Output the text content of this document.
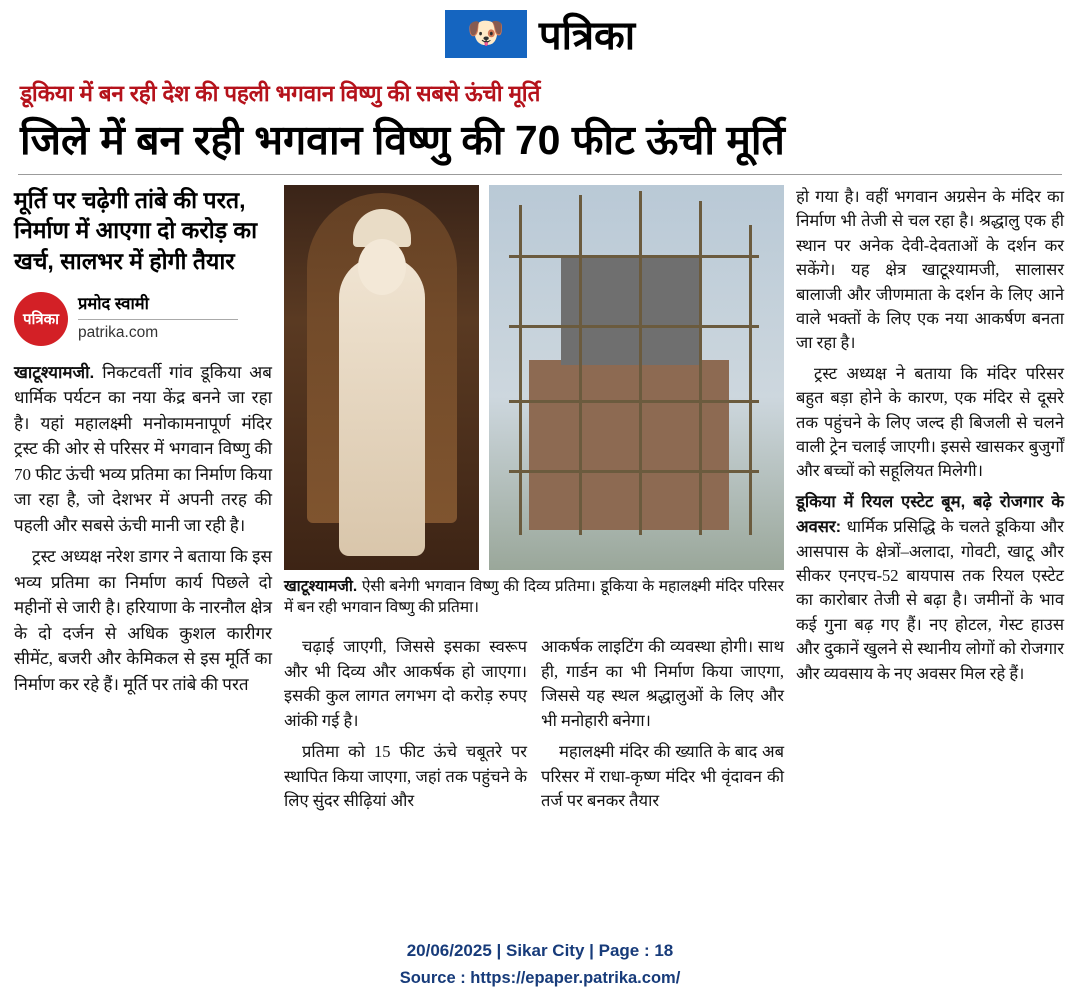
🐶 पत्रिका
डूकिया में बन रही देश की पहली भगवान विष्णु की सबसे ऊंची मूर्ति
जिले में बन रही भगवान विष्णु की 70 फीट ऊंची मूर्ति
मूर्ति पर चढ़ेगी तांबे की परत, निर्माण में आएगा दो करोड़ का खर्च, सालभर में होगी तैयार
पत्रिका
प्रमोद स्वामी
patrika.com
खाटूश्यामजी. निकटवर्ती गांव डूकिया अब धार्मिक पर्यटन का नया केंद्र बनने जा रहा है। यहां महालक्ष्मी मनोकामनापूर्ण मंदिर ट्रस्ट की ओर से परिसर में भगवान विष्णु की 70 फीट ऊंची भव्य प्रतिमा का निर्माण किया जा रहा है, जो देशभर में अपनी तरह की पहली और सबसे ऊंची मानी जा रही है।
ट्रस्ट अध्यक्ष नरेश डागर ने बताया कि इस भव्य प्रतिमा का निर्माण कार्य पिछले दो महीनों से जारी है। हरियाणा के नारनौल क्षेत्र के दो दर्जन से अधिक कुशल कारीगर सीमेंट, बजरी और केमिकल से इस मूर्ति का निर्माण कर रहे हैं। मूर्ति पर तांबे की परत
खाटूश्यामजी. ऐसी बनेगी भगवान विष्णु की दिव्य प्रतिमा। डूकिया के महालक्ष्मी मंदिर परिसर में बन रही भगवान विष्णु की प्रतिमा।
चढ़ाई जाएगी, जिससे इसका स्वरूप और भी दिव्य और आकर्षक हो जाएगा। इसकी कुल लागत लगभग दो करोड़ रुपए आंकी गई है।
प्रतिमा को 15 फीट ऊंचे चबूतरे पर स्थापित किया जाएगा, जहां तक पहुंचने के लिए सुंदर सीढ़ियां और
आकर्षक लाइटिंग की व्यवस्था होगी। साथ ही, गार्डन का भी निर्माण किया जाएगा, जिससे यह स्थल श्रद्धालुओं के लिए और भी मनोहारी बनेगा।
महालक्ष्मी मंदिर की ख्याति के बाद अब परिसर में राधा-कृष्ण मंदिर भी वृंदावन की तर्ज पर बनकर तैयार
हो गया है। वहीं भगवान अग्रसेन के मंदिर का निर्माण भी तेजी से चल रहा है। श्रद्धालु एक ही स्थान पर अनेक देवी-देवताओं के दर्शन कर सकेंगे। यह क्षेत्र खाटूश्यामजी, सालासर बालाजी और जीणमाता के दर्शन के लिए आने वाले भक्तों के लिए एक नया आकर्षण बनता जा रहा है।
ट्रस्ट अध्यक्ष ने बताया कि मंदिर परिसर बहुत बड़ा होने के कारण, एक मंदिर से दूसरे तक पहुंचने के लिए जल्द ही बिजली से चलने वाली ट्रेन चलाई जाएगी। इससे खासकर बुजुर्गों और बच्चों को सहूलियत मिलेगी।
डूकिया में रियल एस्टेट बूम, बढ़े रोजगार के अवसर: धार्मिक प्रसिद्धि के चलते डूकिया और आसपास के क्षेत्रों–अलादा, गोवटी, खाटू और सीकर एनएच-52 बायपास तक रियल एस्टेट का कारोबार तेजी से बढ़ा है। जमीनों के भाव कई गुना बढ़ गए हैं। नए होटल, गेस्ट हाउस और दुकानें खुलने से स्थानीय लोगों को रोजगार और व्यवसाय के नए अवसर मिल रहे हैं।
20/06/2025 | Sikar City | Page : 18
Source : https://epaper.patrika.com/
